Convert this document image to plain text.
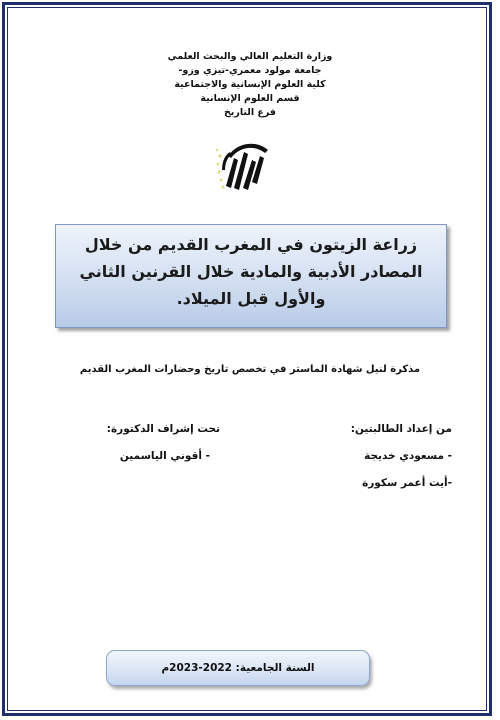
وزارة التعليم العالي والبحث العلمي
جامعة مولود معمري-تيزي وزو-
كلية العلوم الإنسانية والاجتماعية
قسم العلوم الإنسانية
فرع التاريخ
زراعة الزيتون في المغرب القديم من خلال
المصادر الأدبية والمادية خلال القرنين الثاني
والأول قبل الميلاد.
مذكرة لنيل شهادة الماستر في تخصص تاريخ وحضارات المغرب القديم
من إعداد الطالبتين:
- مسعودي خديجة
-أيت أعمر سكورة
تحت إشراف الدكتورة:
- أقوني الياسمين
السنة الجامعية: 2022-2023م
